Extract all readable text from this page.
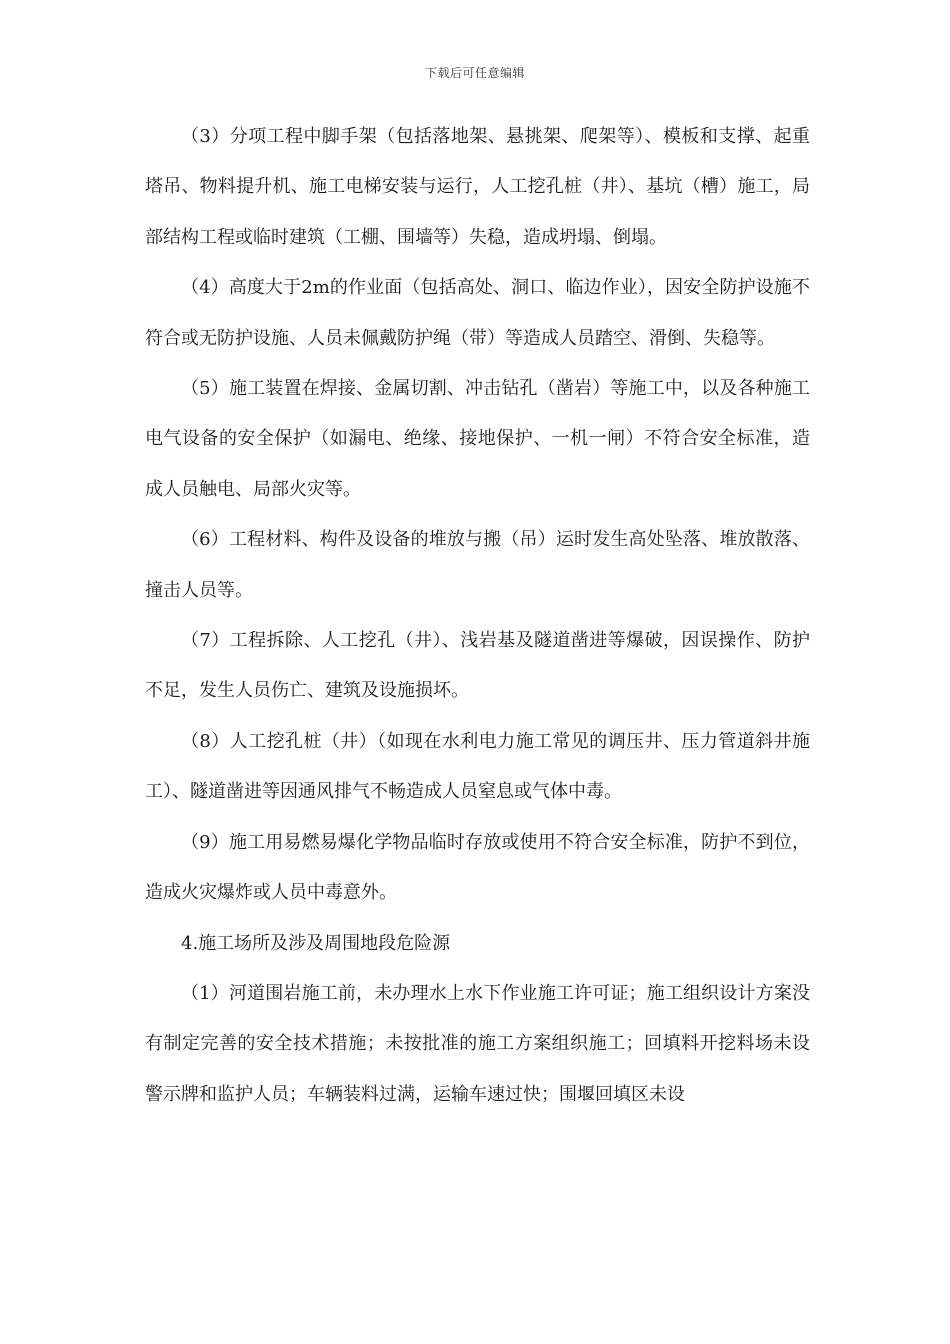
下载后可任意编辑

（3）分项工程中脚手架（包括落地架、悬挑架、爬架等）、模板和支撑、起重塔吊、物料提升机、施工电梯安装与运行，人工挖孔桩（井）、基坑（槽）施工，局部结构工程或临时建筑（工棚、围墙等）失稳，造成坍塌、倒塌。

（4）高度大于2m的作业面（包括高处、洞口、临边作业），因安全防护设施不符合或无防护设施、人员未佩戴防护绳（带）等造成人员踏空、滑倒、失稳等。

（5）施工装置在焊接、金属切割、冲击钻孔（凿岩）等施工中，以及各种施工电气设备的安全保护（如漏电、绝缘、接地保护、一机一闸）不符合安全标准，造成人员触电、局部火灾等。

（6）工程材料、构件及设备的堆放与搬（吊）运时发生高处坠落、堆放散落、撞击人员等。

（7）工程拆除、人工挖孔（井）、浅岩基及隧道凿进等爆破，因误操作、防护不足，发生人员伤亡、建筑及设施损坏。

（8）人工挖孔桩（井）（如现在水利电力施工常见的调压井、压力管道斜井施工）、隧道凿进等因通风排气不畅造成人员窒息或气体中毒。

（9）施工用易燃易爆化学物品临时存放或使用不符合安全标准，防护不到位，造成火灾爆炸或人员中毒意外。

4.施工场所及涉及周围地段危险源

（1）河道围岩施工前，未办理水上水下作业施工许可证；施工组织设计方案没有制定完善的安全技术措施；未按批准的施工方案组织施工；回填料开挖料场未设警示牌和监护人员；车辆装料过满，运输车速过快；围堰回填区未设
